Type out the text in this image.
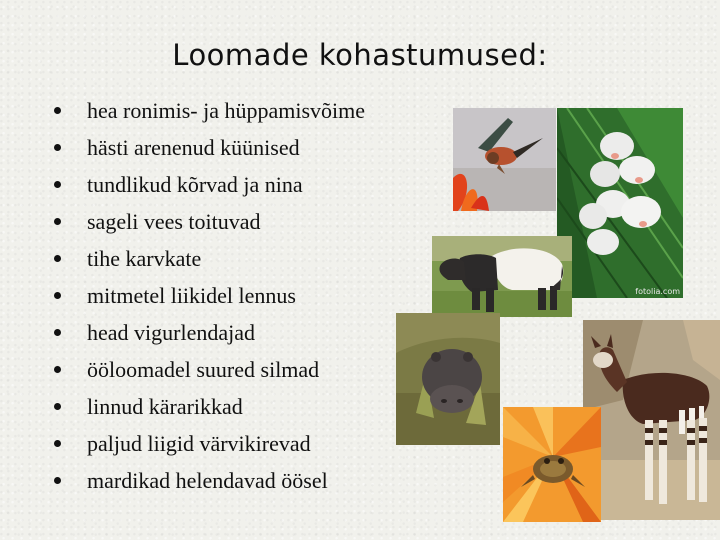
Loomade kohastumused:
hea ronimis- ja hüppamisvõime
hästi arenenud küünised
tundlikud kõrvad ja nina
sageli vees toituvad
tihe karvkate
mitmetel liikidel lennus
head vigurlendajad
ööloomadel suured silmad
linnud kärarikkad
paljud liigid värvikirevad
mardikad helendavad öösel
fotolia.com
